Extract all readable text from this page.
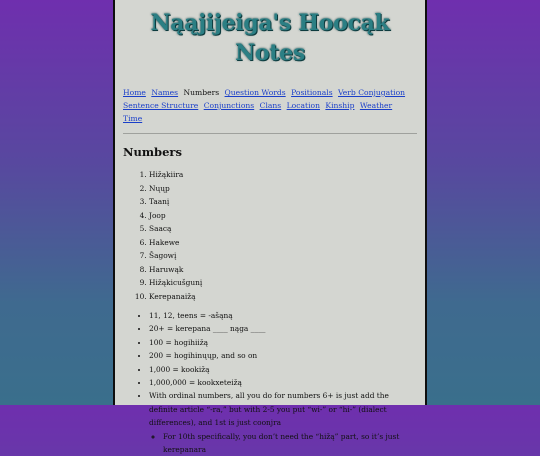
Nąąjijeiga's Hoocąk Notes
Home Names Numbers Question Words Positionals Verb Conjugation Sentence Structure Conjunctions Clans Location Kinship Weather Time
Numbers
1. Hižąkiira
2. Nųųp
3. Taanį
4. Joop
5. Saacą
6. Hakewe
7. Šagowį
8. Haruwąk
9. Hižąkicušgunį
10. Kerepanaižą
• 11, 12, teens = -ašąną
• 20+ = kerepana ____ nąga ____
• 100 = hogihiižą
• 200 = hogihinųųp, and so on
• 1,000 = kookižą
• 1,000,000 = kookxeteižą
• With ordinal numbers, all you do for numbers 6+ is just add the definite article “-ra,” but with 2-5 you put “wi-” or “hi-” (dialect differences), and 1st is just coonjra
◦ For 10th specifically, you don’t need the “hižą” part, so it’s just kerepanara
